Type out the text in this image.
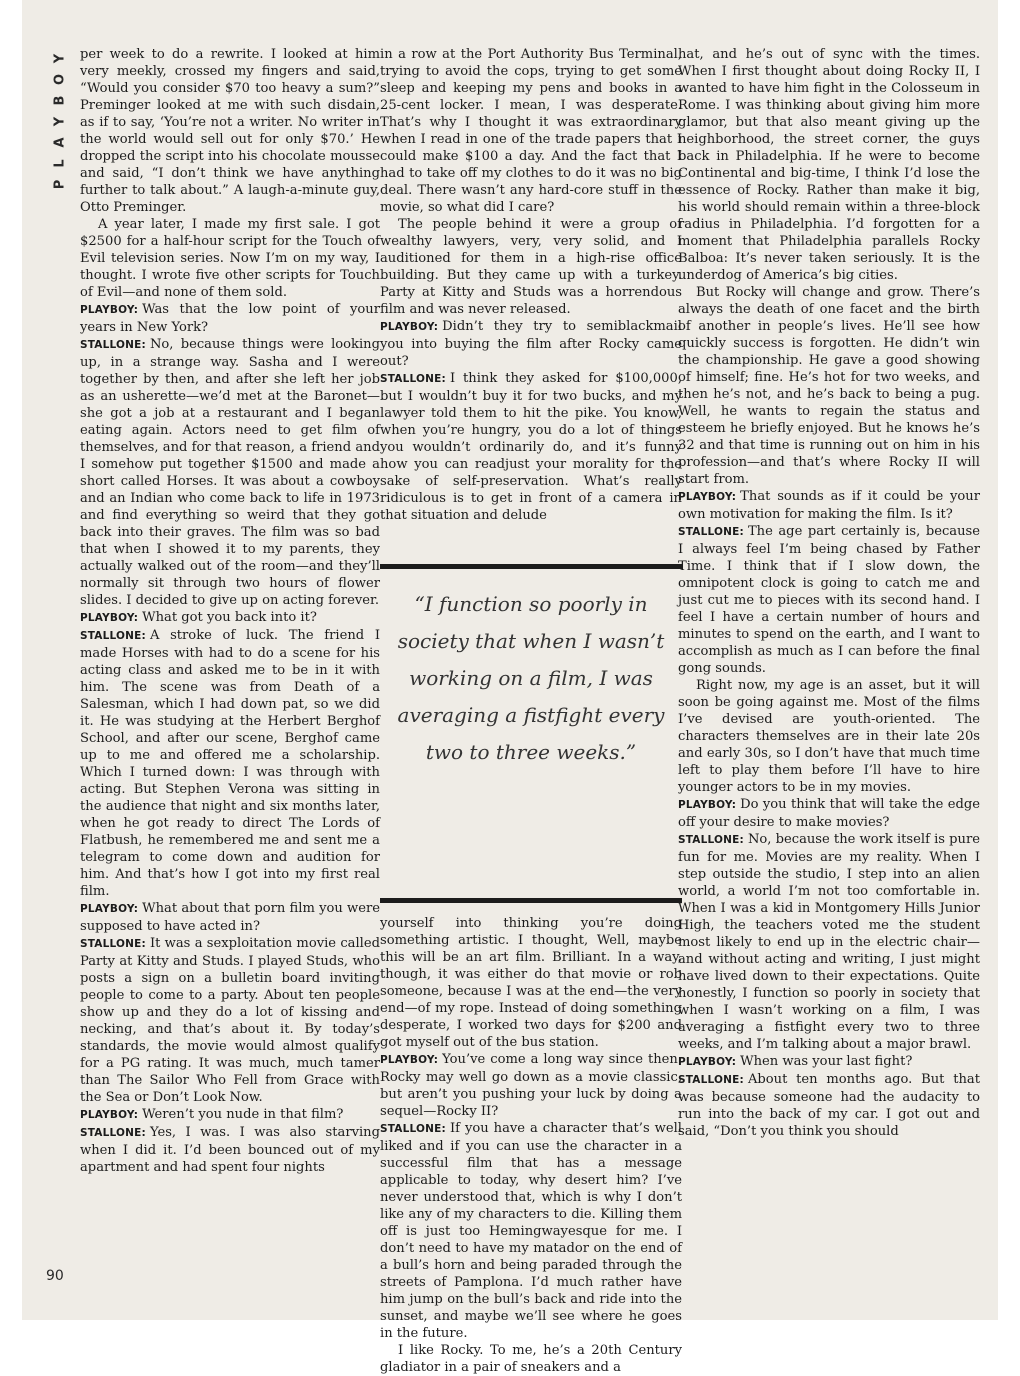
P
L
A
Y
B
O
Y
90

per week to do a rewrite. I looked at him very meekly, crossed my fingers and said, “Would you consider $70 too heavy a sum?” Preminger looked at me with such disdain, as if to say, ‘You’re not a writer. No writer in the world would sell out for only $70.’ He dropped the script into his chocolate mousse and said, “I don’t think we have anything further to talk about.” A laugh-a-minute guy, Otto Preminger.

A year later, I made my first sale. I got $2500 for a half-hour script for the Touch of Evil television series. Now I’m on my way, I thought. I wrote five other scripts for Touch of Evil—and none of them sold.

PLAYBOY: Was that the low point of your years in New York?

STALLONE: No, because things were looking up, in a strange way. Sasha and I were together by then, and after she left her job as an usherette—we’d met at the Baronet—she got a job at a restaurant and I began eating again. Actors need to get film of themselves, and for that reason, a friend and I somehow put together $1500 and made a short called Horses. It was about a cowboy and an Indian who come back to life in 1973 and find everything so weird that they go back into their graves. The film was so bad that when I showed it to my parents, they actually walked out of the room—and they’ll normally sit through two hours of flower slides. I decided to give up on acting forever.

PLAYBOY: What got you back into it?

STALLONE: A stroke of luck. The friend I made Horses with had to do a scene for his acting class and asked me to be in it with him. The scene was from Death of a Salesman, which I had down pat, so we did it. He was studying at the Herbert Berghof School, and after our scene, Berghof came up to me and offered me a scholarship. Which I turned down: I was through with acting. But Stephen Verona was sitting in the audience that night and six months later, when he got ready to direct The Lords of Flatbush, he remembered me and sent me a telegram to come down and audition for him. And that’s how I got into my first real film.

PLAYBOY: What about that porn film you were supposed to have acted in?

STALLONE: It was a sexploitation movie called Party at Kitty and Studs. I played Studs, who posts a sign on a bulletin board inviting people to come to a party. About ten people show up and they do a lot of kissing and necking, and that’s about it. By today’s standards, the movie would almost qualify for a PG rating. It was much, much tamer than The Sailor Who Fell from Grace with the Sea or Don’t Look Now.

PLAYBOY: Weren’t you nude in that film?

STALLONE: Yes, I was. I was also starving when I did it. I’d been bounced out of my apartment and had spent four nights

in a row at the Port Authority Bus Terminal, trying to avoid the cops, trying to get some sleep and keeping my pens and books in a 25-cent locker. I mean, I was desperate. That’s why I thought it was extraordinary when I read in one of the trade papers that I could make $100 a day. And the fact that I had to take off my clothes to do it was no big deal. There wasn’t any hard-core stuff in the movie, so what did I care?

The people behind it were a group of wealthy lawyers, very, very solid, and I auditioned for them in a high-rise office building. But they came up with a turkey. Party at Kitty and Studs was a horrendous film and was never released.

PLAYBOY: Didn’t they try to semiblackmail you into buying the film after Rocky came out?

STALLONE: I think they asked for $100,000, but I wouldn’t buy it for two bucks, and my lawyer told them to hit the pike. You know, when you’re hungry, you do a lot of things you wouldn’t ordinarily do, and it’s funny how you can readjust your morality for the sake of self-preservation. What’s really ridiculous is to get in front of a camera in that situation and delude

“I function so poorly in society that when I wasn’t working on a film, I was averaging a fistfight every two to three weeks.”

yourself into thinking you’re doing something artistic. I thought, Well, maybe this will be an art film. Brilliant. In a way, though, it was either do that movie or rob someone, because I was at the end—the very end—of my rope. Instead of doing something desperate, I worked two days for $200 and got myself out of the bus station.

PLAYBOY: You’ve come a long way since then. Rocky may well go down as a movie classic, but aren’t you pushing your luck by doing a sequel—Rocky II?

STALLONE: If you have a character that’s well liked and if you can use the character in a successful film that has a message applicable to today, why desert him? I’ve never understood that, which is why I don’t like any of my characters to die. Killing them off is just too Hemingwayesque for me. I don’t need to have my matador on the end of a bull’s horn and being paraded through the streets of Pamplona. I’d much rather have him jump on the bull’s back and ride into the sunset, and maybe we’ll see where he goes in the future.

I like Rocky. To me, he’s a 20th Century gladiator in a pair of sneakers and a

hat, and he’s out of sync with the times. When I first thought about doing Rocky II, I wanted to have him fight in the Colosseum in Rome. I was thinking about giving him more glamor, but that also meant giving up the neighborhood, the street corner, the guys back in Philadelphia. If he were to become Continental and big-time, I think I’d lose the essence of Rocky. Rather than make it big, his world should remain within a three-block radius in Philadelphia. I’d forgotten for a moment that Philadelphia parallels Rocky Balboa: It’s never taken seriously. It is the underdog of America’s big cities.

But Rocky will change and grow. There’s always the death of one facet and the birth of another in people’s lives. He’ll see how quickly success is forgotten. He didn’t win the championship. He gave a good showing of himself; fine. He’s hot for two weeks, and then he’s not, and he’s back to being a pug. Well, he wants to regain the status and esteem he briefly enjoyed. But he knows he’s 32 and that time is running out on him in his profession—and that’s where Rocky II will start from.

PLAYBOY: That sounds as if it could be your own motivation for making the film. Is it?

STALLONE: The age part certainly is, because I always feel I’m being chased by Father Time. I think that if I slow down, the omnipotent clock is going to catch me and just cut me to pieces with its second hand. I feel I have a certain number of hours and minutes to spend on the earth, and I want to accomplish as much as I can before the final gong sounds.

Right now, my age is an asset, but it will soon be going against me. Most of the films I’ve devised are youth-oriented. The characters themselves are in their late 20s and early 30s, so I don’t have that much time left to play them before I’ll have to hire younger actors to be in my movies.

PLAYBOY: Do you think that will take the edge off your desire to make movies?

STALLONE: No, because the work itself is pure fun for me. Movies are my reality. When I step outside the studio, I step into an alien world, a world I’m not too comfortable in. When I was a kid in Montgomery Hills Junior High, the teachers voted me the student most likely to end up in the electric chair—and without acting and writing, I just might have lived down to their expectations. Quite honestly, I function so poorly in society that when I wasn’t working on a film, I was averaging a fistfight every two to three weeks, and I’m talking about a major brawl.

PLAYBOY: When was your last fight?

STALLONE: About ten months ago. But that was because someone had the audacity to run into the back of my car. I got out and said, “Don’t you think you should
